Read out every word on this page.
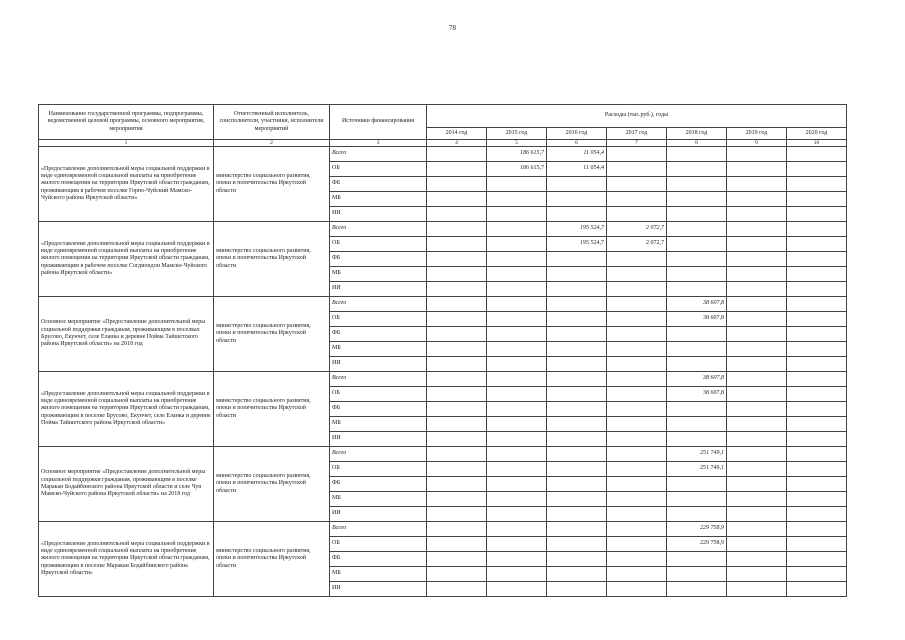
78
Наименование государственной программы, подпрограммы, ведомственной целевой программы, основного мероприятия, мероприятия	Ответственный исполнитель, соисполнители, участники, исполнители мероприятий	Источники финансирования	Расходы (тыс.руб.), годы						
			2014 год	2015 год	2016 год	2017 год	2018 год	2019 год	2020 год
1	2	3	4	5	6	7	8	9	10
«Предоставление дополнительной меры социальной поддержки в виде единовременной социальной выплаты на приобретение жилого помещения на территории Иркутской области гражданам, проживающим в рабочем поселке Горно-Чуйский Мамско-Чуйского района Иркутской области»	министерство социального развития, опеки и попечительства Иркутской области	Всего		186 615,7	11 054,4				
		ОБ		186 615,7	11 054,4				
		ФБ							
		МБ							
		ИИ							
«Предоставление дополнительной меры социальной поддержки в виде единовременной социальной выплаты на приобретение жилого помещения на территории Иркутской области гражданам, проживающим в рабочем поселке Согдиондон Мамско-Чуйского района Иркутской области»	министерство социального развития, опеки и попечительства Иркутской области	Всего			195 524,7	2 072,7			
		ОБ			195 524,7	2 072,7			
		ФБ							
		МБ							
		ИИ							
Основное мероприятие «Предоставление дополнительной меры социальной поддержки гражданам, проживающим в поселках Брусово, Екунчет, селе Еланка и деревне Пойма Тайшетского района Иркутской области» на 2018 год	министерство социального развития, опеки и попечительства Иркутской области	Всего					38 607,8		
		ОБ					38 607,8		
		ФБ							
		МБ							
		ИИ							
«Предоставление дополнительной меры социальной поддержки в виде единовременной социальной выплаты на приобретение жилого помещения на территории Иркутской области гражданам, проживающим в поселке Брусово, Екунчет, селе Еланка и деревне Пойма Тайшетского района Иркутской области»	министерство социального развития, опеки и попечительства Иркутской области	Всего					38 607,8		
		ОБ					38 607,8		
		ФБ							
		МБ							
		ИИ							
Основное мероприятие «Предоставление дополнительной меры социальной поддержки гражданам, проживающим в поселке Маракан Бодайбинского района Иркутской области и селе Чуя Мамско-Чуйского района Иркутской области» на 2018 год	министерство социального развития, опеки и попечительства Иркутской области	Всего					251 749,1		
		ОБ					251 749,1		
		ФБ							
		МБ							
		ИИ							
«Предоставление дополнительной меры социальной поддержки в виде единовременной социальной выплаты на приобретение жилого помещения на территории Иркутской области гражданам, проживающим в поселке Маракан Бодайбинского района Иркутской области»	министерство социального развития, опеки и попечительства Иркутской области	Всего					229 758,9		
		ОБ					229 758,9		
		ФБ							
		МБ							
		ИИ							
